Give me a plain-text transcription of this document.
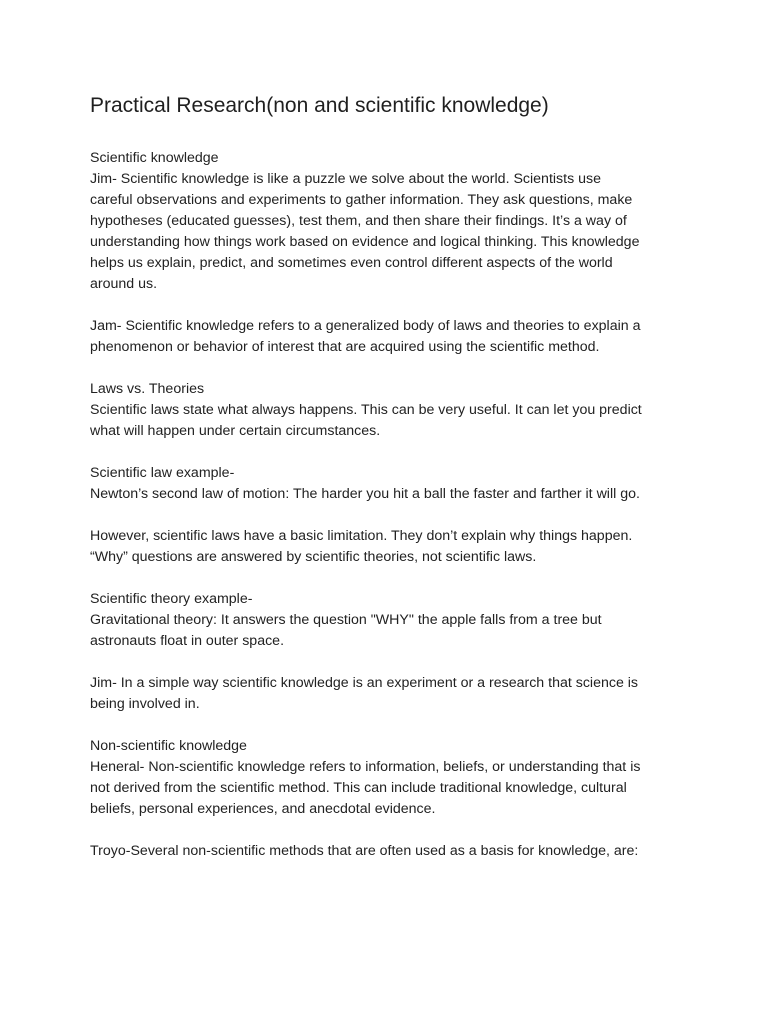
Practical Research(non and scientific knowledge)
Scientific knowledge
Jim- Scientific knowledge is like a puzzle we solve about the world. Scientists use
careful observations and experiments to gather information. They ask questions, make
hypotheses (educated guesses), test them, and then share their findings. It’s a way of
understanding how things work based on evidence and logical thinking. This knowledge
helps us explain, predict, and sometimes even control different aspects of the world
around us.
Jam- Scientific knowledge refers to a generalized body of laws and theories to explain a
phenomenon or behavior of interest that are acquired using the scientific method.
Laws vs. Theories
Scientific laws state what always happens. This can be very useful. It can let you predict
what will happen under certain circumstances.
Scientific law example-
Newton’s second law of motion: The harder you hit a ball the faster and farther it will go.
However, scientific laws have a basic limitation. They don’t explain why things happen.
“Why” questions are answered by scientific theories, not scientific laws.
Scientific theory example-
Gravitational theory: It answers the question "WHY" the apple falls from a tree but
astronauts float in outer space.
Jim- In a simple way scientific knowledge is an experiment or a research that science is
being involved in.
Non-scientific knowledge
Heneral- Non-scientific knowledge refers to information, beliefs, or understanding that is
not derived from the scientific method. This can include traditional knowledge, cultural
beliefs, personal experiences, and anecdotal evidence.
Troyo-Several non-scientific methods that are often used as a basis for knowledge, are:
